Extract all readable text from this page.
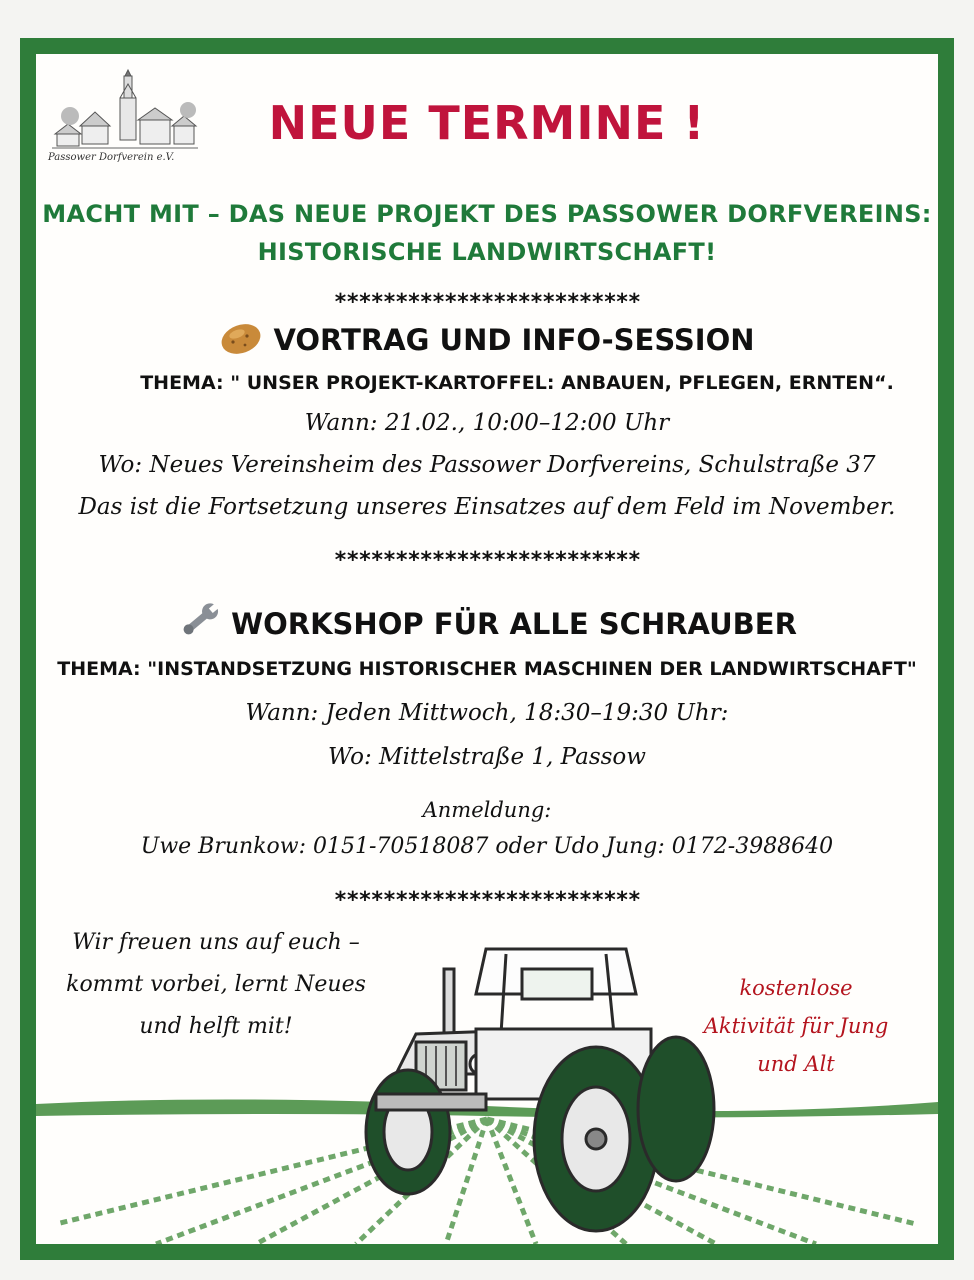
Passower Dorfverein e.V.
NEUE TERMINE !
MACHT MIT – DAS NEUE PROJEKT DES PASSOWER DORFVEREINS:
HISTORISCHE LANDWIRTSCHAFT!
*************************
VORTRAG UND INFO-SESSION
THEMA: " UNSER PROJEKT-KARTOFFEL: ANBAUEN, PFLEGEN, ERNTEN“.
Wann: 21.02., 10:00–12:00 Uhr
Wo: Neues Vereinsheim des Passower Dorfvereins, Schulstraße 37
Das ist die Fortsetzung unseres Einsatzes auf dem Feld im November.
*************************
WORKSHOP FÜR ALLE SCHRAUBER
THEMA: "INSTANDSETZUNG HISTORISCHER MASCHINEN DER LANDWIRTSCHAFT"
Wann: Jeden Mittwoch, 18:30–19:30 Uhr:
Wo: Mittelstraße 1, Passow
Anmeldung:
Uwe Brunkow: 0151-70518087 oder Udo Jung: 0172-3988640
*************************
Wir freuen uns auf euch –
kommt vorbei, lernt Neues
und helft mit!
kostenlose
Aktivität für Jung
und Alt
